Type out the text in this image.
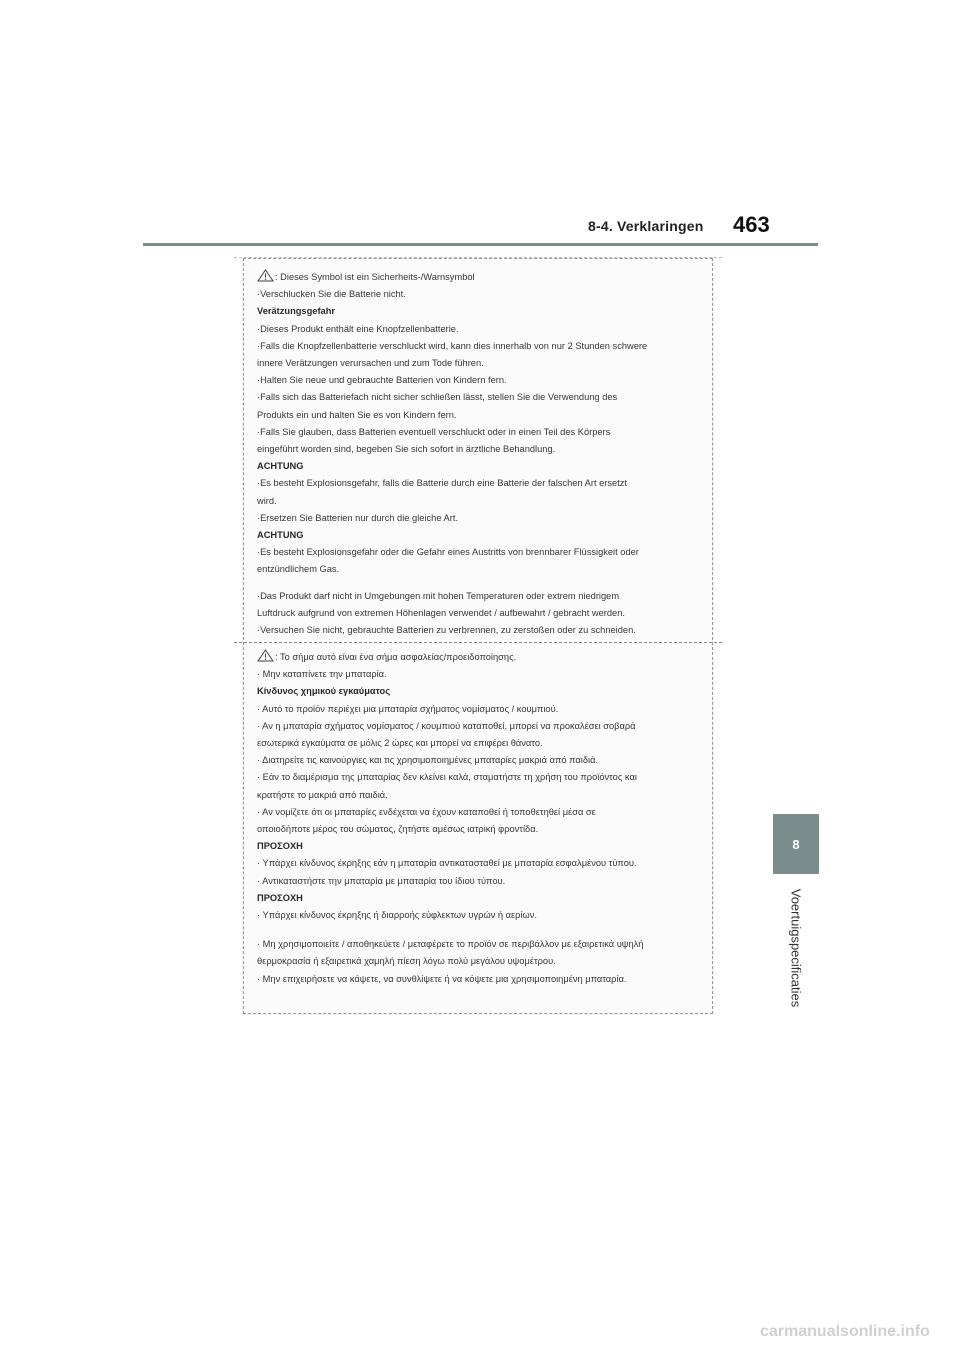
8-4. Verklaringen 463
8
Voertuigspecificaties
: Dieses Symbol ist ein Sicherheits-/Warnsymbol
·Verschlucken Sie die Batterie nicht.
Verätzungsgefahr
·Dieses Produkt enthält eine Knopfzellenbatterie.
·Falls die Knopfzellenbatterie verschluckt wird, kann dies innerhalb von nur 2 Stunden schwere
innere Verätzungen verursachen und zum Tode führen.
·Halten Sie neue und gebrauchte Batterien von Kindern fern.
·Falls sich das Batteriefach nicht sicher schließen lässt, stellen Sie die Verwendung des
Produkts ein und halten Sie es von Kindern fern.
·Falls Sie glauben, dass Batterien eventuell verschluckt oder in einen Teil des Körpers
eingeführt worden sind, begeben Sie sich sofort in ärztliche Behandlung.
ACHTUNG
·Es besteht Explosionsgefahr, falls die Batterie durch eine Batterie der falschen Art ersetzt
wird.
·Ersetzen Sie Batterien nur durch die gleiche Art.
ACHTUNG
·Es besteht Explosionsgefahr oder die Gefahr eines Austritts von brennbarer Flüssigkeit oder
entzündlichem Gas.
·Das Produkt darf nicht in Umgebungen mit hohen Temperaturen oder extrem niedrigem
Luftdruck aufgrund von extremen Höhenlagen verwendet / aufbewahrt / gebracht werden.
·Versuchen Sie nicht, gebrauchte Batterien zu verbrennen, zu zerstoßen oder zu schneiden.
: Το σήμα αυτό είναι ένα σήμα ασφαλείας/προειδοποίησης.
· Μην καταπίνετε την μπαταρία.
Κίνδυνος χημικού εγκαύματος
· Αυτό το προϊόν περιέχει μια μπαταρία σχήματος νομίσματος / κουμπιού.
· Αν η μπαταρία σχήματος νομίσματος / κουμπιού καταποθεί, μπορεί να προκαλέσει σοβαρά
εσωτερικά εγκαύματα σε μόλις 2 ώρες και μπορεί να επιφέρει θάνατο.
· Διατηρείτε τις καινούργιες και τις χρησιμοποιημένες μπαταρίες μακριά από παιδιά.
· Εάν το διαμέρισμα της μπαταρίας δεν κλείνει καλά, σταματήστε τη χρήση του προϊόντος και
κρατήστε το μακριά από παιδιά.
· Αν νομίζετε ότι οι μπαταρίες ενδέχεται να έχουν καταποθεί ή τοποθετηθεί μέσα σε
οποιοδήποτε μέρος του σώματος, ζητήστε αμέσως ιατρική φροντίδα.
ΠΡΟΣΟΧΗ
· Υπάρχει κίνδυνος έκρηξης εάν η μπαταρία αντικατασταθεί με μπαταρία εσφαλμένου τύπου.
· Αντικαταστήστε την μπαταρία με μπαταρία του ίδιου τύπου.
ΠΡΟΣΟΧΗ
· Υπάρχει κίνδυνος έκρηξης ή διαρροής εύφλεκτων υγρών ή αερίων.
· Μη χρησιμοποιείτε / αποθηκεύετε / μεταφέρετε το προϊόν σε περιβάλλον με εξαιρετικά υψηλή
θερμοκρασία ή εξαιρετικά χαμηλή πίεση λόγω πολύ μεγάλου υψομέτρου.
· Μην επιχειρήσετε να κάψετε, να συνθλίψετε ή να κόψετε μια χρησιμοποιημένη μπαταρία.
carmanualsonline.info
